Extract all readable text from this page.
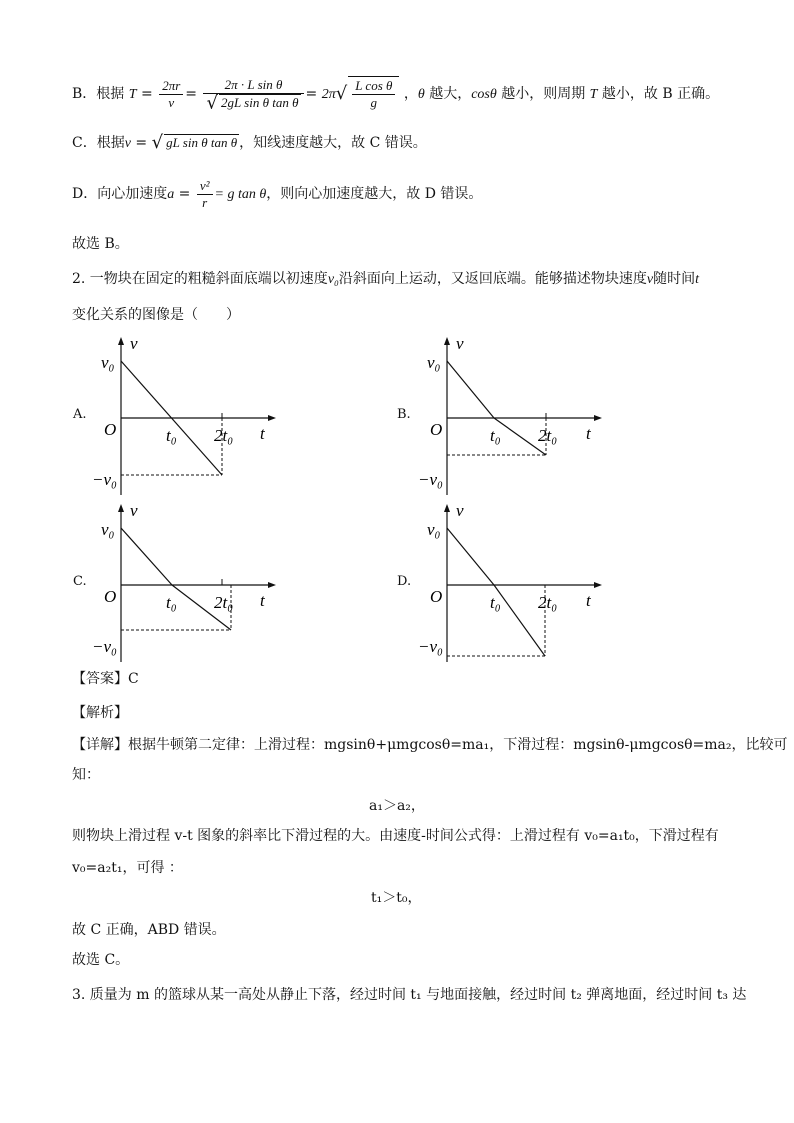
B．根据 $T = \frac{2\pi r}{v} = \frac{\text{2π · L sin θ}}{\text{√ 2gL sin θ tan θ}} = 2\pi√ \frac{\text{L cos θ}}{g}$ ，θ 越大，cosθ 越小，则周期 T 越小，故 B 正确。
C．根据v = √ gL sin θ tan θ ，知线速度越大，故 C 错误。
D．向心加速度$a = \frac{\text{v²}}{r} = g$ tan θ，则向心加速度越大，故 D 错误。
故选 B。
2. 一物块在固定的粗糙斜面底端以初速度v₀沿斜面向上运动，又返回底端。能够描述物块速度v随时间t
变化关系的图像是（　　）
A.	B.
C.	D.
v
v₀
O	t₀ 2t₀ t
−v₀
v
v₀
O	t₀ 2t₀ t
−v₀
v
v₀
O	t₀ 2t₀ t
−v₀
v
v₀
O	t₀ 2t₀ t
−v₀
【答案】C
【解析】
【详解】根据牛顿第二定律：上滑过程：mgsinθ+μmgcosθ=ma₁，下滑过程：mgsinθ-μmgcosθ=ma₂，比较可
知：
a₁＞a₂，
则物块上滑过程 v-t 图象的斜率比下滑过程的大。由速度-时间公式得：上滑过程有 v₀=a₁t₀，下滑过程有
v₀=a₂t₁，可得 ：
t₁＞t₀，
故 C 正确，ABD 错误。
故选 C。
3. 质量为 m 的篮球从某一高处从静止下落，经过时间 t₁ 与地面接触，经过时间 t₂ 弹离地面，经过时间 t₃ 达
